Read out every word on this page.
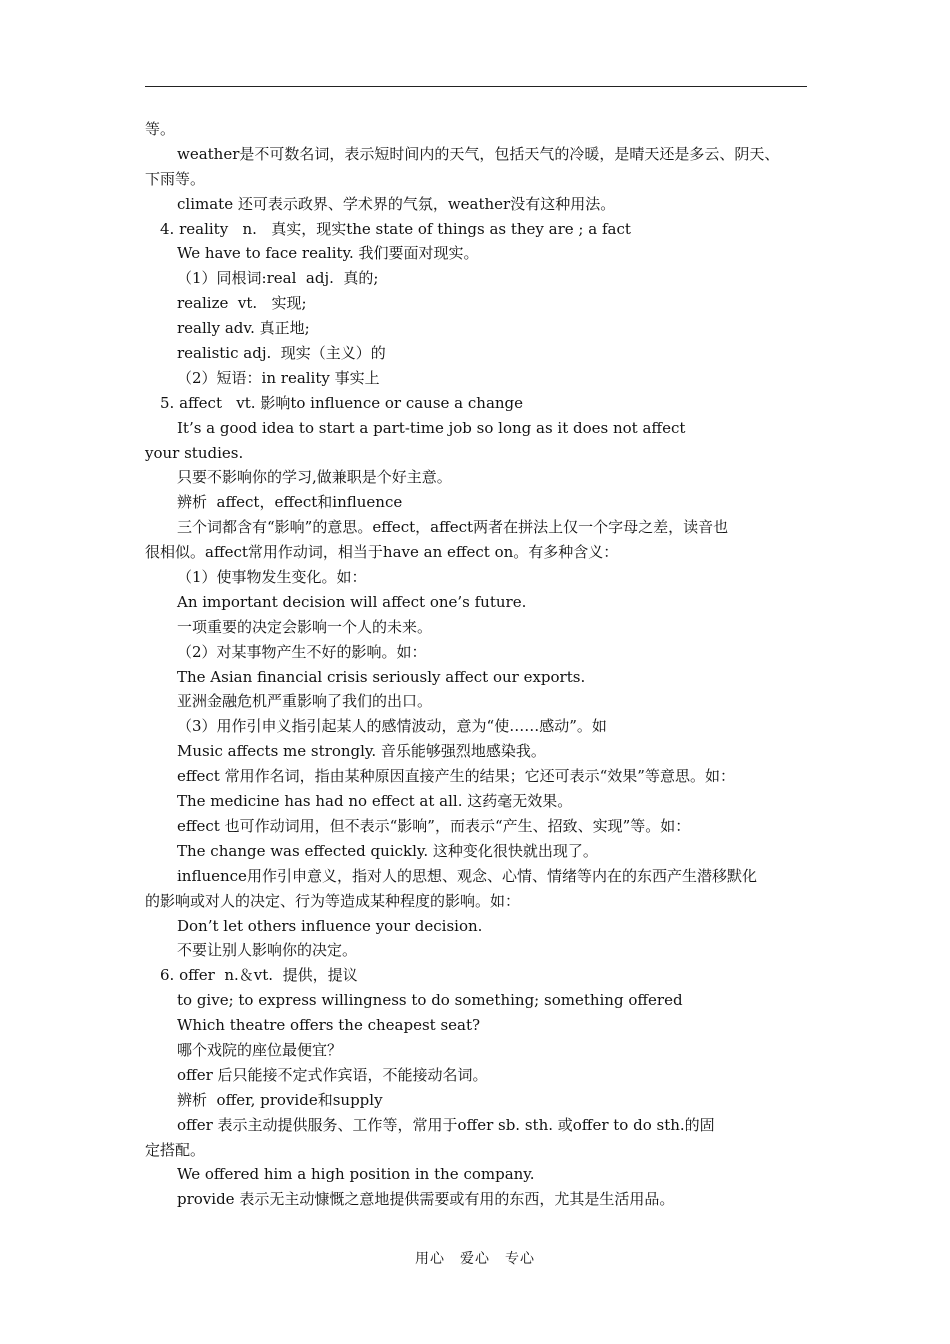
等。
weather是不可数名词，表示短时间内的天气，包括天气的冷暖，是晴天还是多云、阴天、
下雨等。
climate 还可表示政界、学术界的气氛，weather没有这种用法。
4. reality   n.   真实，现实the state of things as they are ; a fact
We have to face reality. 我们要面对现实。
（1）同根词:real  adj.  真的;
realize  vt.   实现;
really adv. 真正地;
realistic adj.  现实（主义）的
（2）短语：in reality 事实上
5. affect   vt. 影响to influence or cause a change
It’s a good idea to start a part-time job so long as it does not affect
your studies.
只要不影响你的学习,做兼职是个好主意。
辨析  affect，effect和influence
三个词都含有“影响”的意思。effect，affect两者在拼法上仅一个字母之差，读音也
很相似。affect常用作动词，相当于have an effect on。有多种含义：
（1）使事物发生变化。如：
An important decision will affect one’s future.
一项重要的决定会影响一个人的未来。
（2）对某事物产生不好的影响。如：
The Asian financial crisis seriously affect our exports.
亚洲金融危机严重影响了我们的出口。
（3）用作引申义指引起某人的感情波动，意为“使……感动”。如
Music affects me strongly. 音乐能够强烈地感染我。
effect 常用作名词，指由某种原因直接产生的结果；它还可表示“效果”等意思。如：
The medicine has had no effect at all. 这药毫无效果。
effect 也可作动词用，但不表示“影响”，而表示“产生、招致、实现”等。如：
The change was effected quickly. 这种变化很快就出现了。
influence用作引申意义，指对人的思想、观念、心情、情绪等内在的东西产生潜移默化
的影响或对人的决定、行为等造成某种程度的影响。如：
Don’t let others influence your decision.
不要让别人影响你的决定。
6. offer  n.＆vt.  提供，提议
to give; to express willingness to do something; something offered
Which theatre offers the cheapest seat?
哪个戏院的座位最便宜？
offer 后只能接不定式作宾语，不能接动名词。
辨析  offer, provide和supply
offer 表示主动提供服务、工作等，常用于offer sb. sth. 或offer to do sth.的固
定搭配。
We offered him a high position in the company.
provide 表示无主动慷慨之意地提供需要或有用的东西，尤其是生活用品。
用心　爱心　专心
